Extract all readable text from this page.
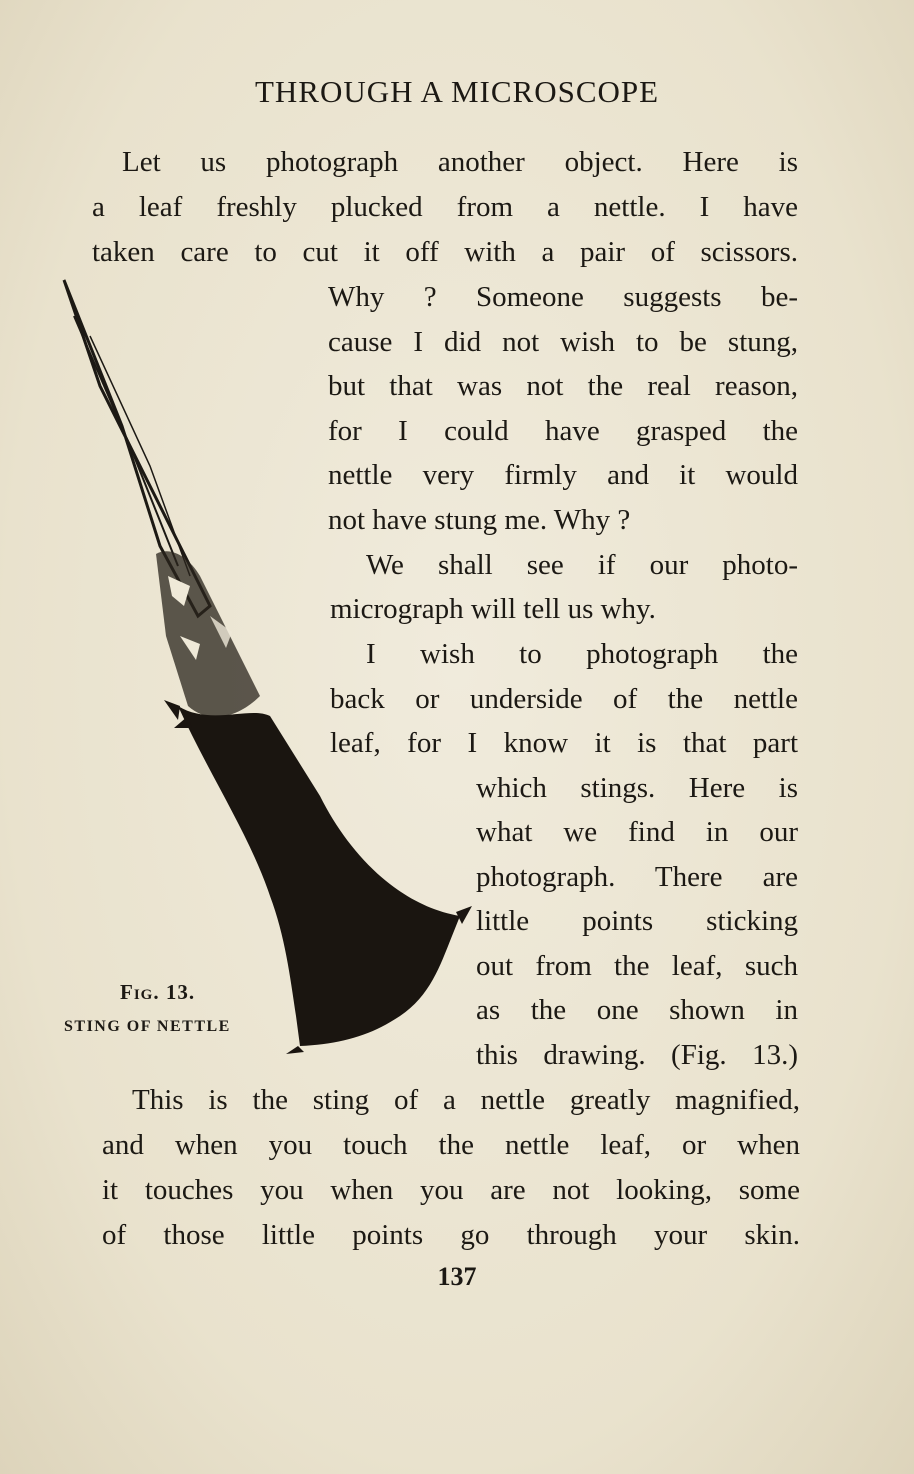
THROUGH A MICROSCOPE
Let us photograph another object. Here is
a leaf freshly plucked from a nettle. I have
taken care to cut it off with a pair of scissors.
Why ? Someone suggests be-
cause I did not wish to be stung,
but that was not the real reason,
for I could have grasped the
nettle very firmly and it would
not have stung me. Why ?
We shall see if our photo-
micrograph will tell us why.
I wish to photograph the
back or underside of the nettle
leaf, for I know it is that part
which stings. Here is
what we find in our
photograph. There are
little points sticking
out from the leaf, such
as the one shown in
this drawing. (Fig. 13.)
This is the sting of a nettle greatly magnified,
and when you touch the nettle leaf, or when
it touches you when you are not looking, some
of those little points go through your skin.
Fig. 13.
STING OF NETTLE
137
